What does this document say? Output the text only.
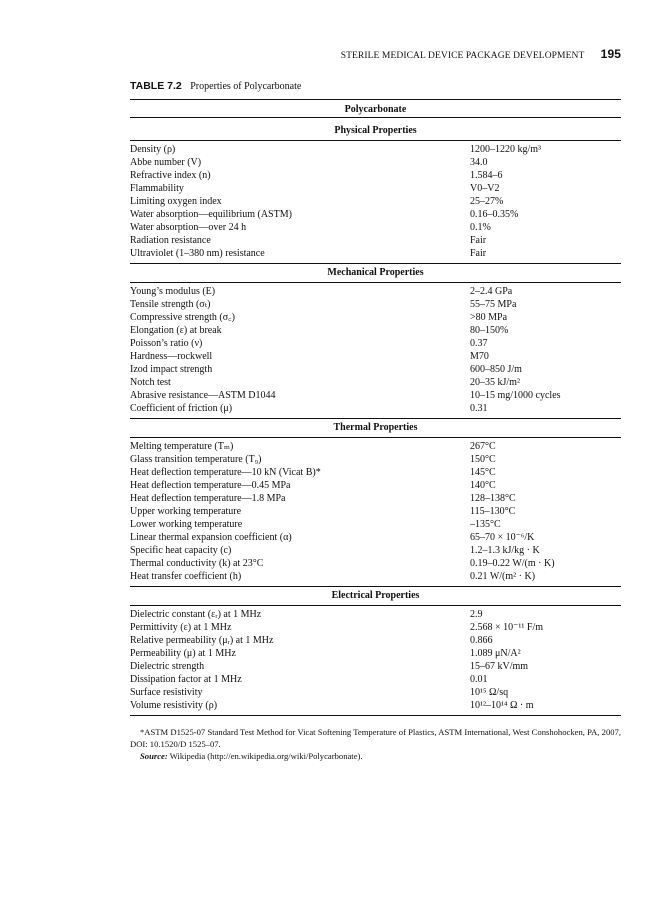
STERILE MEDICAL DEVICE PACKAGE DEVELOPMENT 195
TABLE 7.2 Properties of Polycarbonate
Polycarbonate
Physical Properties
Density (ρ)	1200–1220 kg/m³
Abbe number (V)	34.0
Refractive index (n)	1.584–6
Flammability	V0–V2
Limiting oxygen index	25–27%
Water absorption—equilibrium (ASTM)	0.16–0.35%
Water absorption—over 24 h	0.1%
Radiation resistance	Fair
Ultraviolet (1–380 nm) resistance	Fair
Mechanical Properties
Young’s modulus (E)	2–2.4 GPa
Tensile strength (σₜ)	55–75 MPa
Compressive strength (σ꜀)	>80 MPa
Elongation (ε) at break	80–150%
Poisson’s ratio (ν)	0.37
Hardness—rockwell	M70
Izod impact strength	600–850 J/m
Notch test	20–35 kJ/m²
Abrasive resistance—ASTM D1044	10–15 mg/1000 cycles
Coefficient of friction (μ)	0.31
Thermal Properties
Melting temperature (Tₘ)	267°C
Glass transition temperature (T₉)	150°C
Heat deflection temperature—10 kN (Vicat B)*	145°C
Heat deflection temperature—0.45 MPa	140°C
Heat deflection temperature—1.8 MPa	128–138°C
Upper working temperature	115–130°C
Lower working temperature	–135°C
Linear thermal expansion coefficient (α)	65–70 × 10⁻⁶/K
Specific heat capacity (c)	1.2–1.3 kJ/kg · K
Thermal conductivity (k) at 23°C	0.19–0.22 W/(m · K)
Heat transfer coefficient (h)	0.21 W/(m² · K)
Electrical Properties
Dielectric constant (εᵣ) at 1 MHz	2.9
Permittivity (ε) at 1 MHz	2.568 × 10⁻¹¹ F/m
Relative permeability (μᵣ) at 1 MHz	0.866
Permeability (μ) at 1 MHz	1.089 μN/A²
Dielectric strength	15–67 kV/mm
Dissipation factor at 1 MHz	0.01
Surface resistivity	10¹⁵ Ω/sq
Volume resistivity (ρ)	10¹²–10¹⁴ Ω · m

*ASTM D1525-07 Standard Test Method for Vicat Softening Temperature of Plastics, ASTM International, West Conshohocken, PA, 2007, DOI: 10.1520/D 1525–07.

Source: Wikipedia (http://en.wikipedia.org/wiki/Polycarbonate).
